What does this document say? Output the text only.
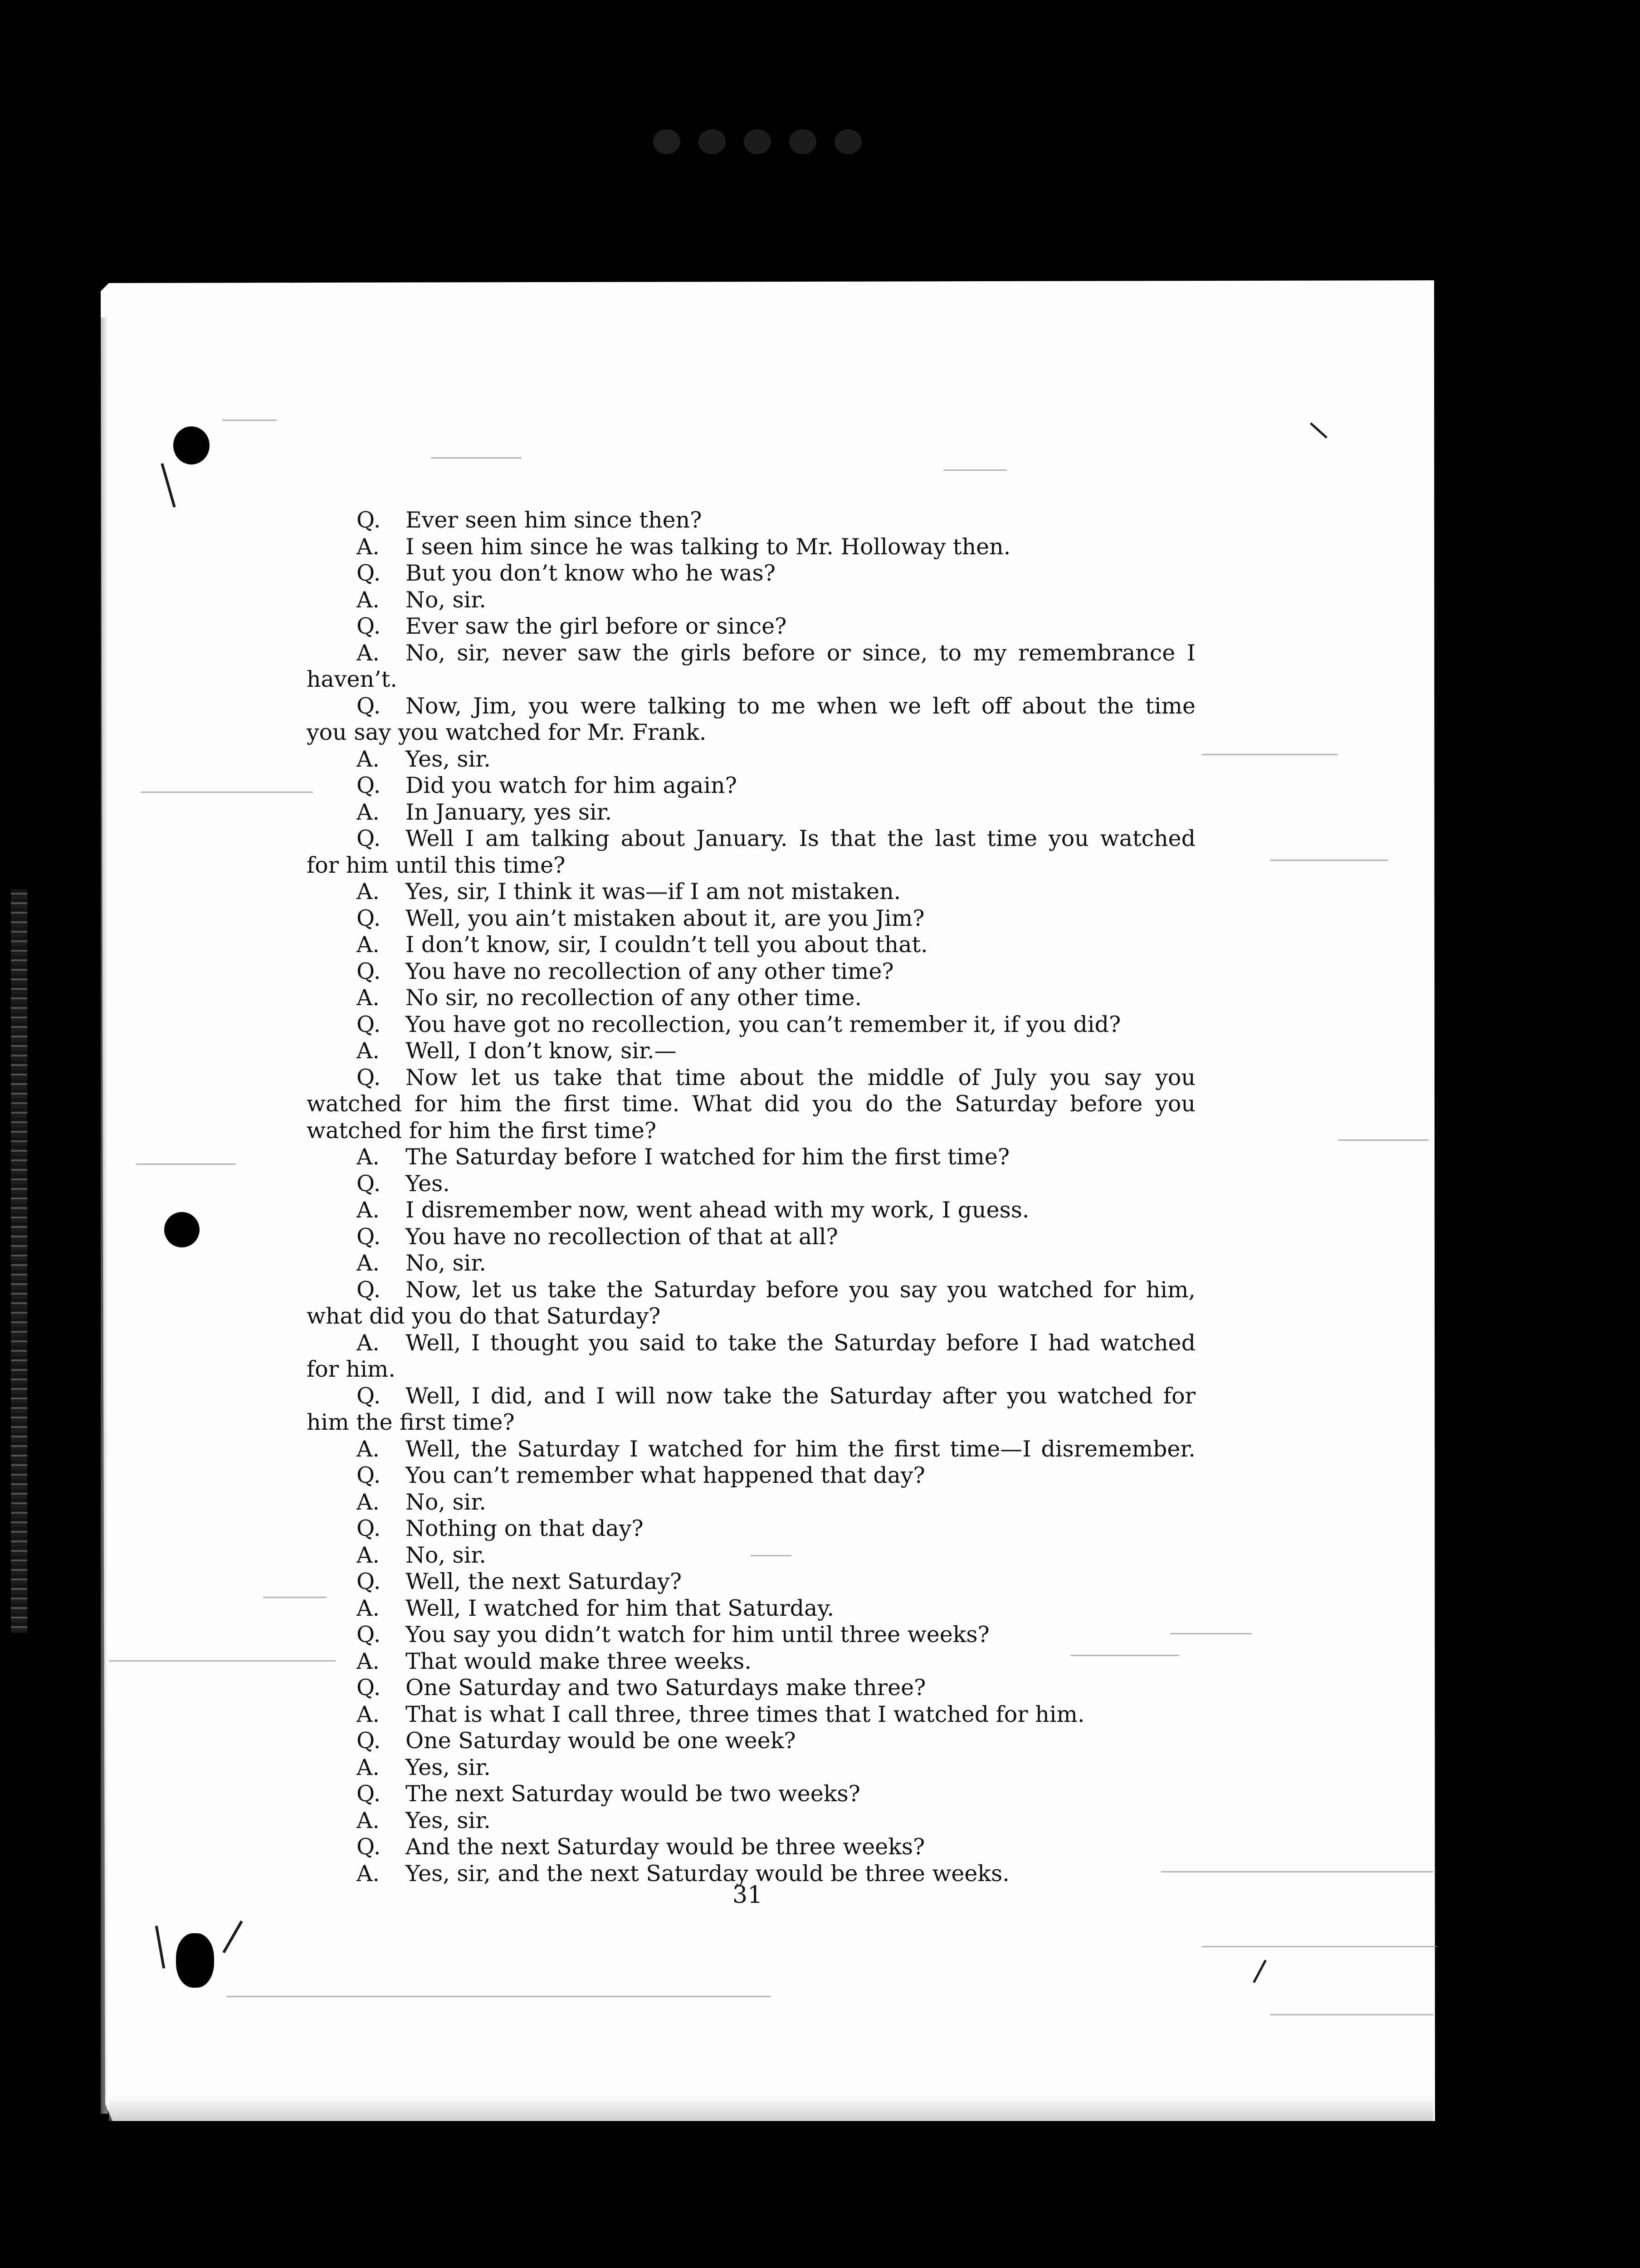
Q. Ever seen him since then?
A. I seen him since he was talking to Mr. Holloway then.
Q. But you don’t know who he was?
A. No, sir.
Q. Ever saw the girl before or since?
A. No, sir, never saw the girls before or since, to my remembrance I
haven’t.
Q. Now, Jim, you were talking to me when we left off about the time
you say you watched for Mr. Frank.
A. Yes, sir.
Q. Did you watch for him again?
A. In January, yes sir.
Q. Well I am talking about January. Is that the last time you watched
for him until this time?
A. Yes, sir, I think it was—if I am not mistaken.
Q. Well, you ain’t mistaken about it, are you Jim?
A. I don’t know, sir, I couldn’t tell you about that.
Q. You have no recollection of any other time?
A. No sir, no recollection of any other time.
Q. You have got no recollection, you can’t remember it, if you did?
A. Well, I don’t know, sir.—
Q. Now let us take that time about the middle of July you say you
watched for him the first time. What did you do the Saturday before you
watched for him the first time?
A. The Saturday before I watched for him the first time?
Q. Yes.
A. I disremember now, went ahead with my work, I guess.
Q. You have no recollection of that at all?
A. No, sir.
Q. Now, let us take the Saturday before you say you watched for him,
what did you do that Saturday?
A. Well, I thought you said to take the Saturday before I had watched
for him.
Q. Well, I did, and I will now take the Saturday after you watched for
him the first time?
A. Well, the Saturday I watched for him the first time—I disremember.
Q. You can’t remember what happened that day?
A. No, sir.
Q. Nothing on that day?
A. No, sir.
Q. Well, the next Saturday?
A. Well, I watched for him that Saturday.
Q. You say you didn’t watch for him until three weeks?
A. That would make three weeks.
Q. One Saturday and two Saturdays make three?
A. That is what I call three, three times that I watched for him.
Q. One Saturday would be one week?
A. Yes, sir.
Q. The next Saturday would be two weeks?
A. Yes, sir.
Q. And the next Saturday would be three weeks?
A. Yes, sir, and the next Saturday would be three weeks.
31
